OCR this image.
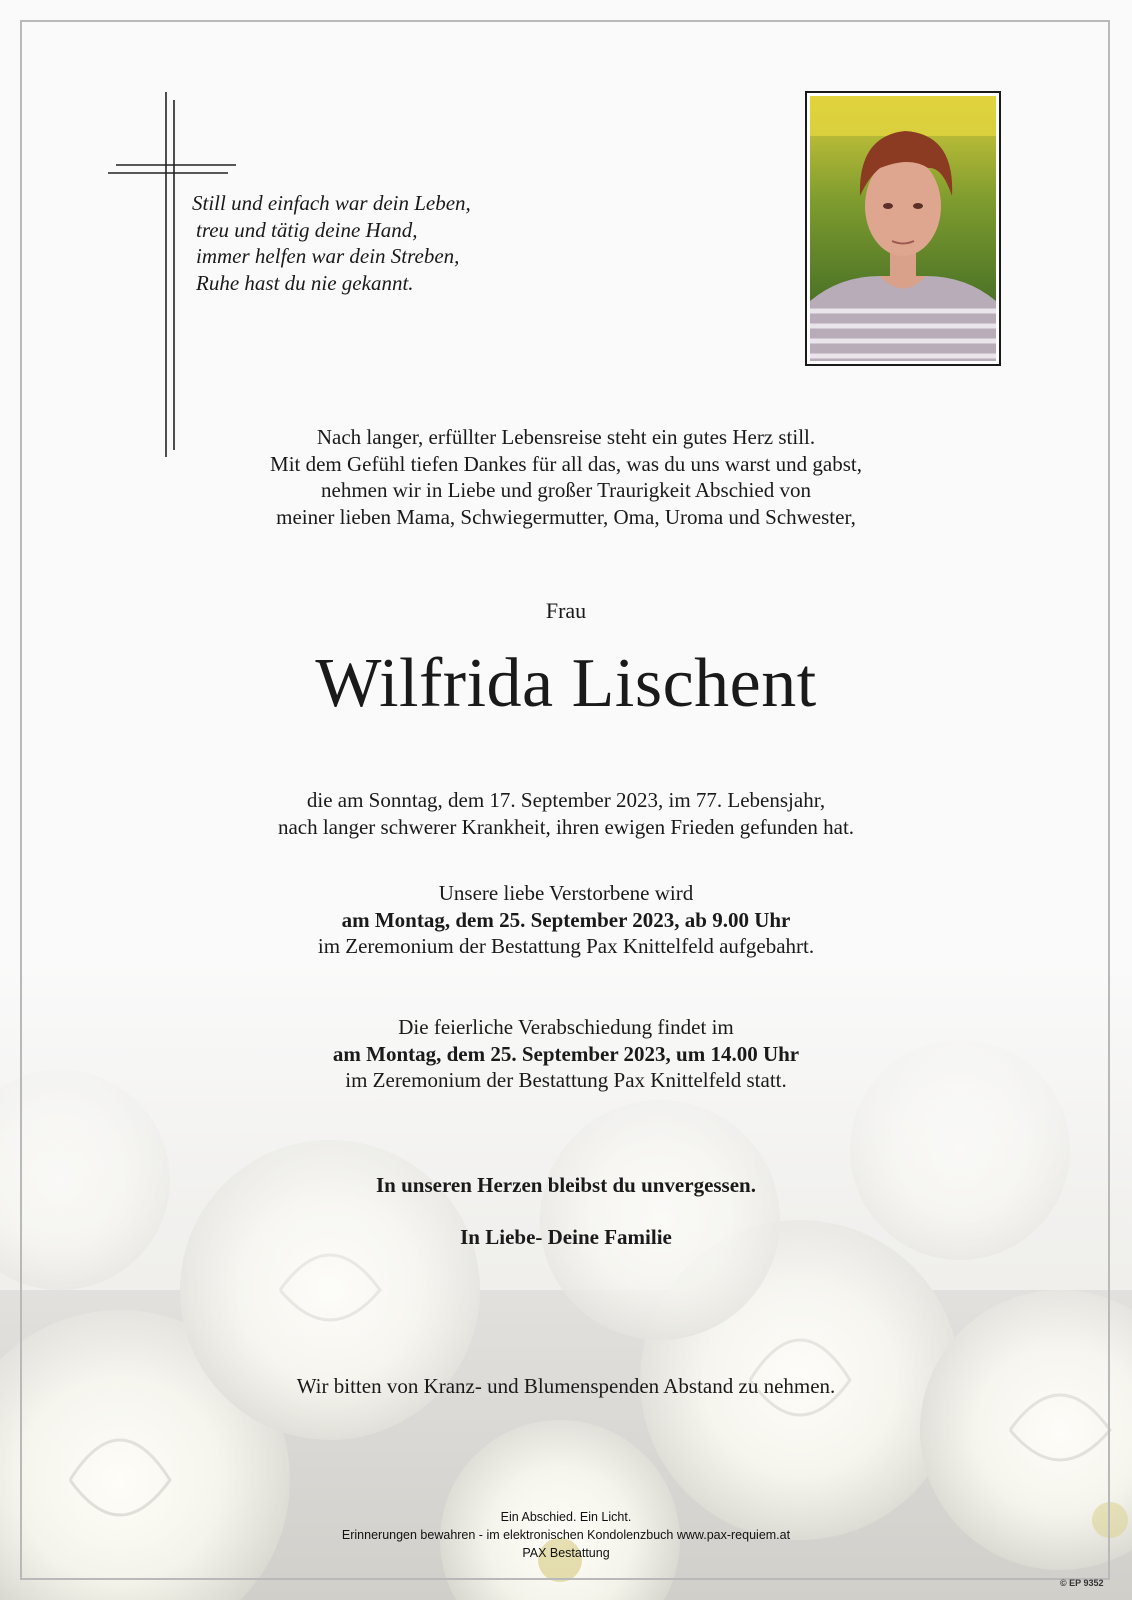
Still und einfach war dein Leben,
treu und tätig deine Hand,
immer helfen war dein Streben,
Ruhe hast du nie gekannt.
Nach langer, erfüllter Lebensreise steht ein gutes Herz still.
Mit dem Gefühl tiefen Dankes für all das, was du uns warst und gabst,
nehmen wir in Liebe und großer Traurigkeit Abschied von
meiner lieben Mama, Schwiegermutter, Oma, Uroma und Schwester,
Frau
Wilfrida Lischent
die am Sonntag, dem 17. September 2023, im 77. Lebensjahr,
nach langer schwerer Krankheit, ihren ewigen Frieden gefunden hat.
Unsere liebe Verstorbene wird
am Montag, dem 25. September 2023, ab 9.00 Uhr
im Zeremonium der Bestattung Pax Knittelfeld aufgebahrt.
Die feierliche Verabschiedung findet im
am Montag, dem 25. September 2023, um 14.00 Uhr
im Zeremonium der Bestattung Pax Knittelfeld statt.
In unseren Herzen bleibst du unvergessen.
In Liebe- Deine Familie
Wir bitten von Kranz- und Blumenspenden Abstand zu nehmen.
Ein Abschied. Ein Licht.
Erinnerungen bewahren - im elektronischen Kondolenzbuch www.pax-requiem.at
PAX Bestattung
© EP 9352
